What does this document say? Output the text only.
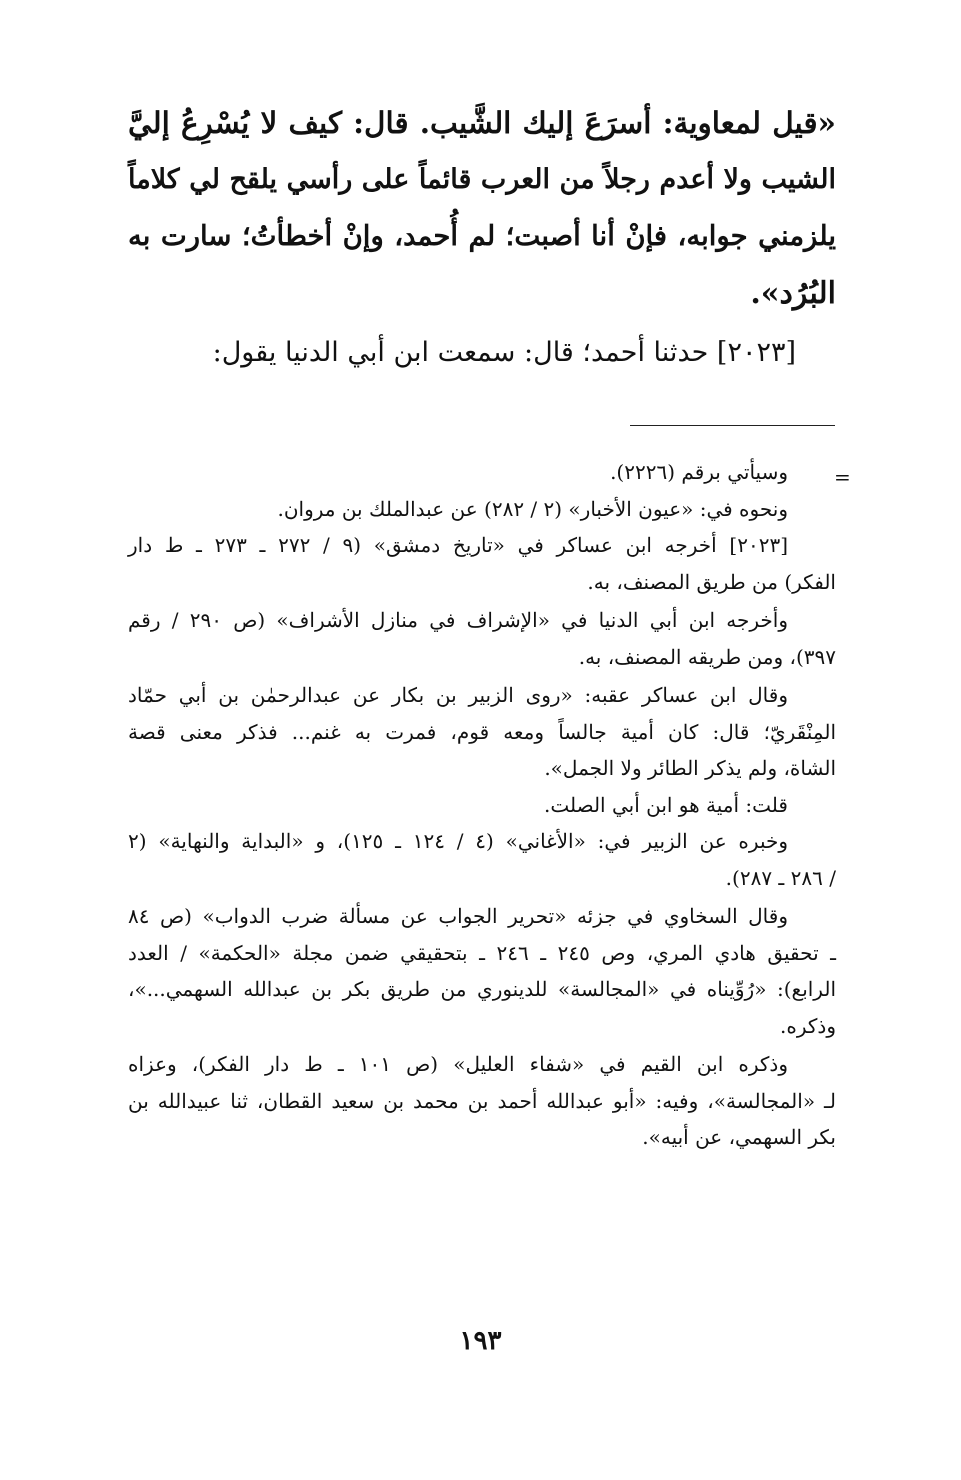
«قيل لمعاوية: أسرَعَ إليك الشَّيب. قال: كيف لا يُسْرِعُ إليَّ
الشيب ولا أعدم رجلاً من العرب قائماً على رأسي يلقح لي كلاماً
يلزمني جوابه، فإنْ أنا أصبت؛ لم أُحمد، وإنْ أخطأتُ؛ سارت به
البُرُد».
[٢٠٢٣] حدثنا أحمد؛ قال: سمعت ابن أبي الدنيا يقول:
=
وسيأتي برقم (٢٢٢٦).
ونحوه في: «عيون الأخبار» (٢ / ٢٨٢) عن عبدالملك بن مروان.
[٢٠٢٣] أخرجه ابن عساكر في «تاريخ دمشق» (٩ / ٢٧٢ ـ ٢٧٣ ـ ط دار
الفكر) من طريق المصنف، به.
وأخرجه ابن أبي الدنيا في «الإشراف في منازل الأشراف» (ص ٢٩٠ / رقم
٣٩٧)، ومن طريقه المصنف، به.
وقال ابن عساكر عقبه: «روى الزبير بن بكار عن عبدالرحمٰن بن أبي حمّاد
المِنْقَريّ؛ قال: كان أمية جالساً ومعه قوم، فمرت به غنم... فذكر معنى قصة
الشاة، ولم يذكر الطائر ولا الجمل».
قلت: أمية هو ابن أبي الصلت.
وخبره عن الزبير في: «الأغاني» (٤ / ١٢٤ ـ ١٢٥)، و «البداية والنهاية» (٢
/ ٢٨٦ ـ ٢٨٧).
وقال السخاوي في جزئه «تحرير الجواب عن مسألة ضرب الدواب» (ص ٨٤
ـ تحقيق هادي المري، وص ٢٤٥ ـ ٢٤٦ ـ بتحقيقي ضمن مجلة «الحكمة» / العدد
الرابع): «رُوِّيناه في «المجالسة» للدينوري من طريق بكر بن عبدالله السهمي...»،
وذكره.
وذكره ابن القيم في «شفاء العليل» (ص ١٠١ ـ ط دار الفكر)، وعزاه
لـ «المجالسة»، وفيه: «أبو عبدالله أحمد بن محمد بن سعيد القطان، ثنا عبيدالله بن
بكر السهمي، عن أبيه».
١٩٣
